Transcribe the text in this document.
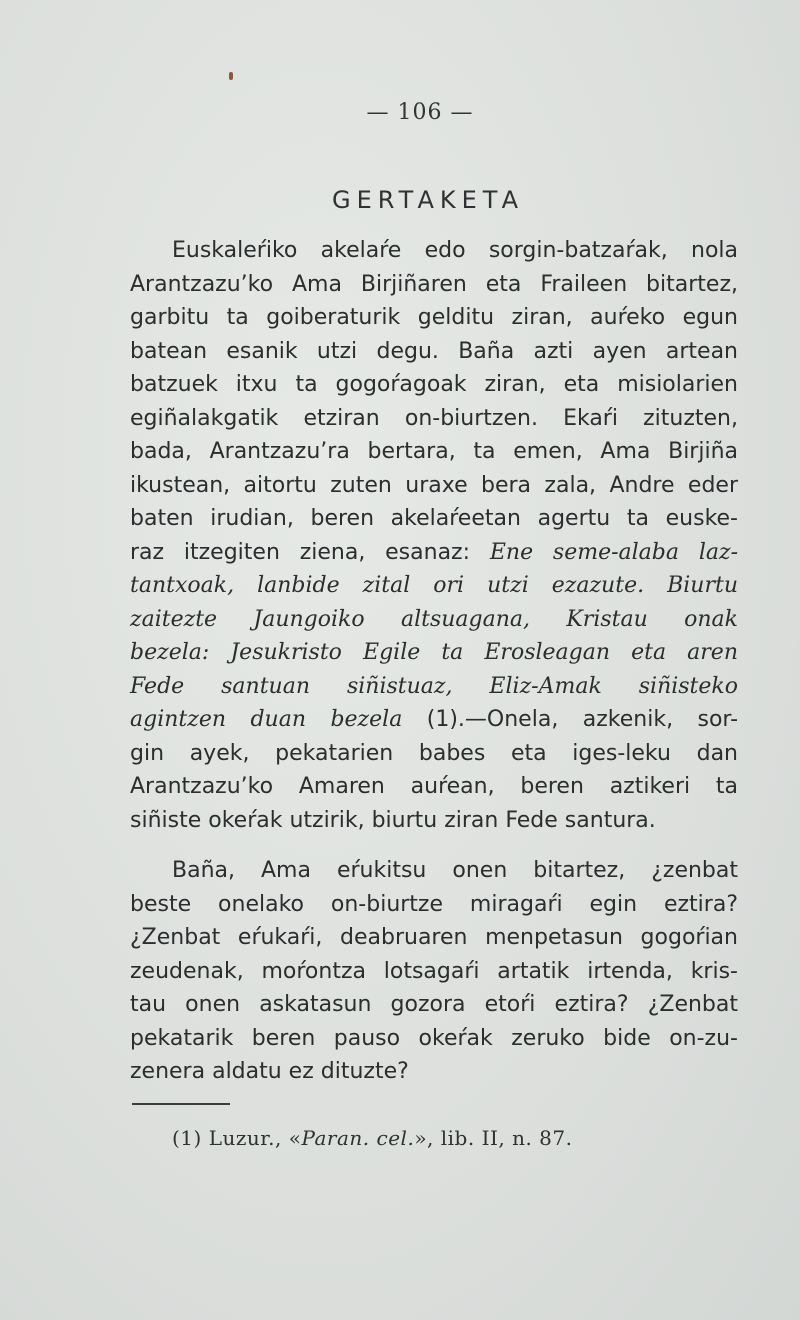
— 106 —
GERTAKETA
Euskaleŕiko akelaŕe edo sorgin-batzaŕak, nola
Arantzazu’ko Ama Birjiñaren eta Fraileen bitartez,
garbitu ta goiberaturik gelditu ziran, auŕeko egun
batean esanik utzi degu. Baña azti ayen artean
batzuek itxu ta gogoŕagoak ziran, eta misiolarien
egiñalakgatik etziran on-biurtzen. Ekaŕi zituzten,
bada, Arantzazu’ra bertara, ta emen, Ama Birjiña
ikustean, aitortu zuten uraxe bera zala, Andre eder
baten irudian, beren akelaŕeetan agertu ta euske-
raz itzegiten ziena, esanaz: Ene seme-alaba laz-
tantxoak, lanbide zital ori utzi ezazute. Biurtu
zaitezte Jaungoiko altsuagana, Kristau onak
bezela: Jesukristo Egile ta Erosleagan eta aren
Fede santuan siñistuaz, Eliz-Amak siñisteko
agintzen duan bezela (1).—Onela, azkenik, sor-
gin ayek, pekatarien babes eta iges-leku dan
Arantzazu’ko Amaren auŕean, beren aztikeri ta
siñiste okeŕak utzirik, biurtu ziran Fede santura.
Baña, Ama eŕukitsu onen bitartez, ¿zenbat
beste onelako on-biurtze miragaŕi egin eztira?
¿Zenbat eŕukaŕi, deabruaren menpetasun gogoŕian
zeudenak, moŕontza lotsagaŕi artatik irtenda, kris-
tau onen askatasun gozora etoŕi eztira? ¿Zenbat
pekatarik beren pauso okeŕak zeruko bide on-zu-
zenera aldatu ez dituzte?
(1) Luzur., «Paran. cel.», lib. II, n. 87.
